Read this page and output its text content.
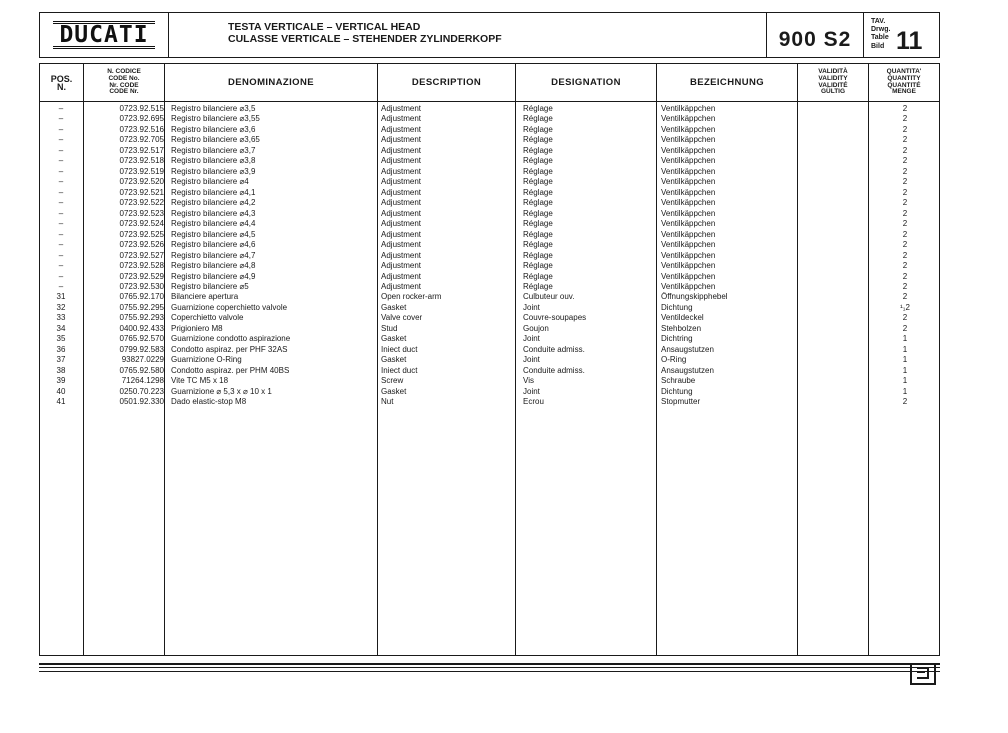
DUCATI	TESTA VERTICALE – VERTICAL HEAD
CULASSE VERTICALE – STEHENDER ZYLINDERKOPF	900 S2
TAV.
Drwg.
Table
Bild 11
POS.
N.
N. CODICE
CODE No.
Nr. CODE
CODE Nr.
DENOMINAZIONE	DESCRIPTION	DESIGNATION	BEZEICHNUNG
VALIDITÀ
VALIDITY
VALIDITÉ
GÜLTIG
QUANTITA'
QUANTITY
QUANTITÉ
MENGE
–	0723.92.515 Registro bilanciere ⌀3,5	Adjustment	Réglage	Ventilkäppchen	2
–	0723.92.695 Registro bilanciere ⌀3,55	Adjustment	Réglage	Ventilkäppchen	2
–	0723.92.516 Registro bilanciere ⌀3,6	Adjustment	Réglage	Ventilkäppchen	2
–	0723.92.705 Registro bilanciere ⌀3,65	Adjustment	Réglage	Ventilkäppchen	2
–	0723.92.517 Registro bilanciere ⌀3,7	Adjustment	Réglage	Ventilkäppchen	2
–	0723.92.518 Registro bilanciere ⌀3,8	Adjustment	Réglage	Ventilkäppchen	2
–	0723.92.519 Registro bilanciere ⌀3,9	Adjustment	Réglage	Ventilkäppchen	2
–	0723.92.520 Registro bilanciere ⌀4	Adjustment	Réglage	Ventilkäppchen	2
–	0723.92.521 Registro bilanciere ⌀4,1	Adjustment	Réglage	Ventilkäppchen	2
–	0723.92.522 Registro bilanciere ⌀4,2	Adjustment	Réglage	Ventilkäppchen	2
–	0723.92.523 Registro bilanciere ⌀4,3	Adjustment	Réglage	Ventilkäppchen	2
–	0723.92.524 Registro bilanciere ⌀4,4	Adjustment	Réglage	Ventilkäppchen	2
–	0723.92.525 Registro bilanciere ⌀4,5	Adjustment	Réglage	Ventilkäppchen	2
–	0723.92.526 Registro bilanciere ⌀4,6	Adjustment	Réglage	Ventilkäppchen	2
–	0723.92.527 Registro bilanciere ⌀4,7	Adjustment	Réglage	Ventilkäppchen	2
–	0723.92.528 Registro bilanciere ⌀4,8	Adjustment	Réglage	Ventilkäppchen	2
–	0723.92.529 Registro bilanciere ⌀4,9	Adjustment	Réglage	Ventilkäppchen	2
–	0723.92.530 Registro bilanciere ⌀5	Adjustment	Réglage	Ventilkäppchen	2
31	0765.92.170 Bilanciere apertura	Open rocker-arm	Culbuteur ouv.	Öffnungskipphebel	2
32	0755.92.295 Guarnizione coperchietto valvole	Gasket	Joint	Dichtung	¹₁2
33	0755.92.293 Coperchietto valvole	Valve cover	Couvre-soupapes	Ventildeckel	2
34	0400.92.433 Prigioniero M8	Stud	Goujon	Stehbolzen	2
35	0765.92.570 Guarnizione condotto aspirazione	Gasket	Joint	Dichtring	1
36	0799.92.583 Condotto aspiraz. per PHF 32AS	Iniect duct	Conduite admiss.	Ansaugstutzen	1
37	93827.0229 Guarnizione O-Ring	Gasket	Joint	O-Ring	1
38	0765.92.580 Condotto aspiraz. per PHM 40BS	Iniect duct	Conduite admiss.	Ansaugstutzen	1
39	71264.1298 Vite TC M5 x 18	Screw	Vis	Schraube	1
40	0250.70.223 Guarnizione ⌀ 5,3 x ⌀ 10 x 1	Gasket	Joint	Dichtung	1
41	0501.92.330 Dado elastic-stop M8	Nut	Ecrou	Stopmutter	2
